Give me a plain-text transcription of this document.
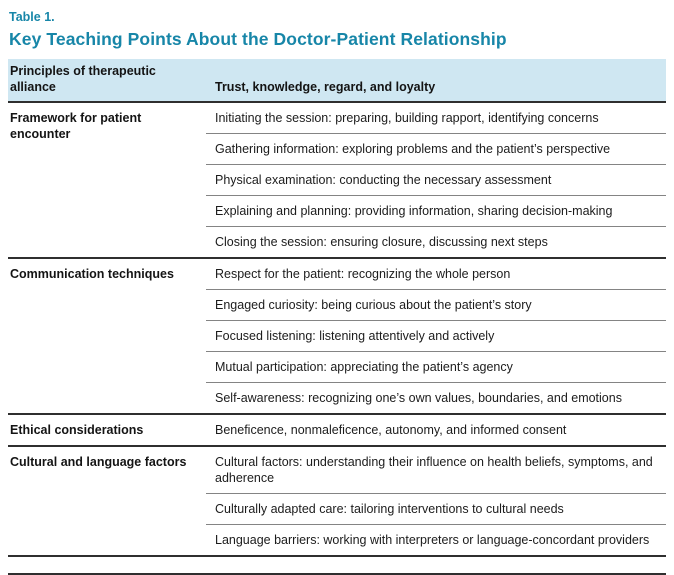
Table 1.
Key Teaching Points About the Doctor-Patient Relationship
Principles of therapeutic alliance	Trust, knowledge, regard, and loyalty
Framework for patient encounter	Initiating the session: preparing, building rapport, identifying concerns
	Gathering information: exploring problems and the patient’s perspective
	Physical examination: conducting the necessary assessment
	Explaining and planning: providing information, sharing decision-making
	Closing the session: ensuring closure, discussing next steps
Communication techniques	Respect for the patient: recognizing the whole person
	Engaged curiosity: being curious about the patient’s story
	Focused listening: listening attentively and actively
	Mutual participation: appreciating the patient’s agency
	Self-awareness: recognizing one’s own values, boundaries, and emotions
Ethical considerations	Beneficence, nonmaleficence, autonomy, and informed consent
Cultural and language factors	Cultural factors: understanding their influence on health beliefs, symptoms, and adherence
	Culturally adapted care: tailoring interventions to cultural needs
	Language barriers: working with interpreters or language-concordant providers
